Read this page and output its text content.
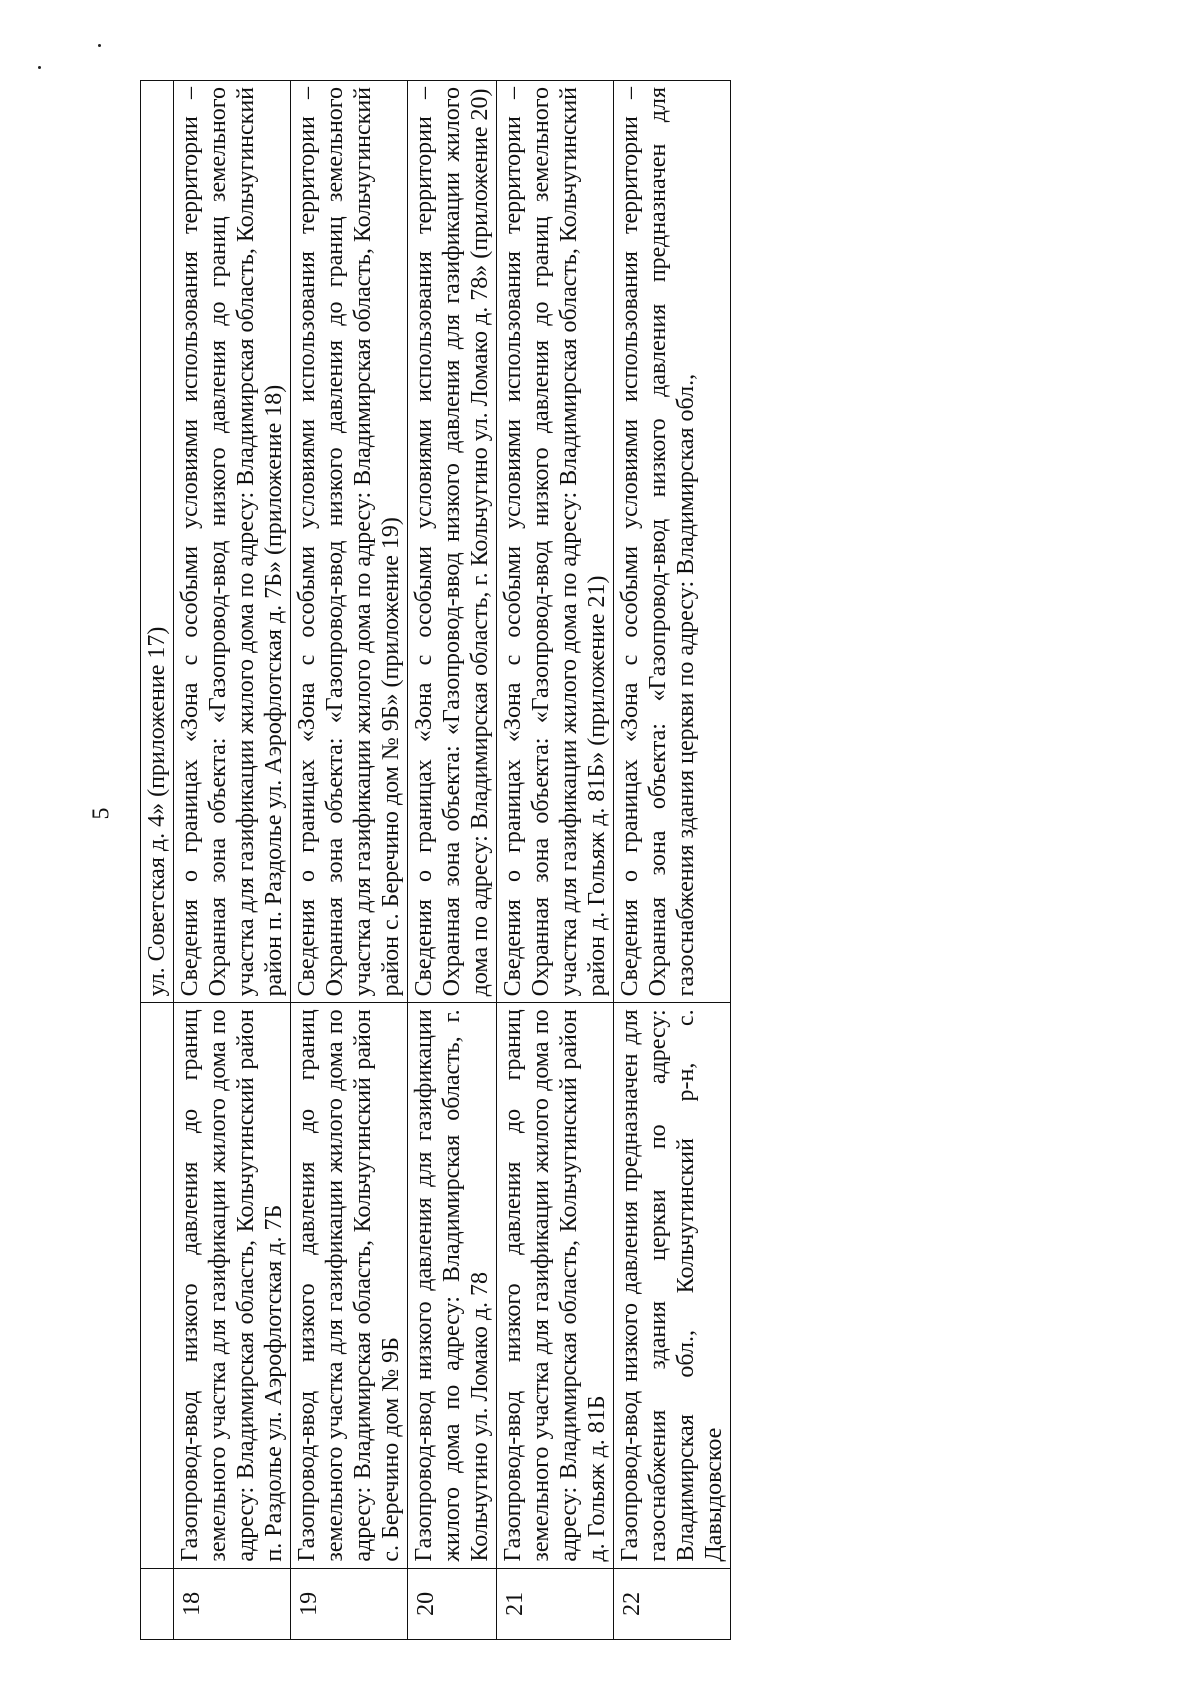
5
		ул. Советская д. 4» (приложение 17)
18	Газопровод-ввод низкого давления до границ земельного участка для газификации жилого дома по адресу: Владимирская область, Кольчугинский район п. Раздолье ул. Аэрофлотская д. 7Б	Сведения о границах «Зона с особыми условиями использования территории – Охранная зона объекта: «Газопровод-ввод низкого давления до границ земельного участка для газификации жилого дома по адресу: Владимирская область, Кольчугинский район п. Раздолье ул. Аэрофлотская д. 7Б» (приложение 18)
19	Газопровод-ввод низкого давления до границ земельного участка для газификации жилого дома по адресу: Владимирская область, Кольчугинский район с. Беречино дом № 9Б	Сведения о границах «Зона с особыми условиями использования территории – Охранная зона объекта: «Газопровод-ввод низкого давления до границ земельного участка для газификации жилого дома по адресу: Владимирская область, Кольчугинский район с. Беречино дом № 9Б» (приложение 19)
20	Газопровод-ввод низкого давления для газификации жилого дома по адресу: Владимирская область, г. Кольчугино ул. Ломако д. 78	Сведения о границах «Зона с особыми условиями использования территории – Охранная зона объекта: «Газопровод-ввод низкого давления для газификации жилого дома по адресу: Владимирская область, г. Кольчугино ул. Ломако д. 78» (приложение 20)
21	Газопровод-ввод низкого давления до границ земельного участка для газификации жилого дома по адресу: Владимирская область, Кольчугинский район д. Гольяж д. 81Б	Сведения о границах «Зона с особыми условиями использования территории – Охранная зона объекта: «Газопровод-ввод низкого давления до границ земельного участка для газификации жилого дома по адресу: Владимирская область, Кольчугинский район д. Гольяж д. 81Б» (приложение 21)
22	Газопровод-ввод низкого давления предназначен для газоснабжения здания церкви по адресу: Владимирская обл., Кольчугинский р-н, с. Давыдовское	Сведения о границах «Зона с особыми условиями использования территории – Охранная зона объекта: «Газопровод-ввод низкого давления предназначен для газоснабжения здания церкви по адресу: Владимирская обл.,
